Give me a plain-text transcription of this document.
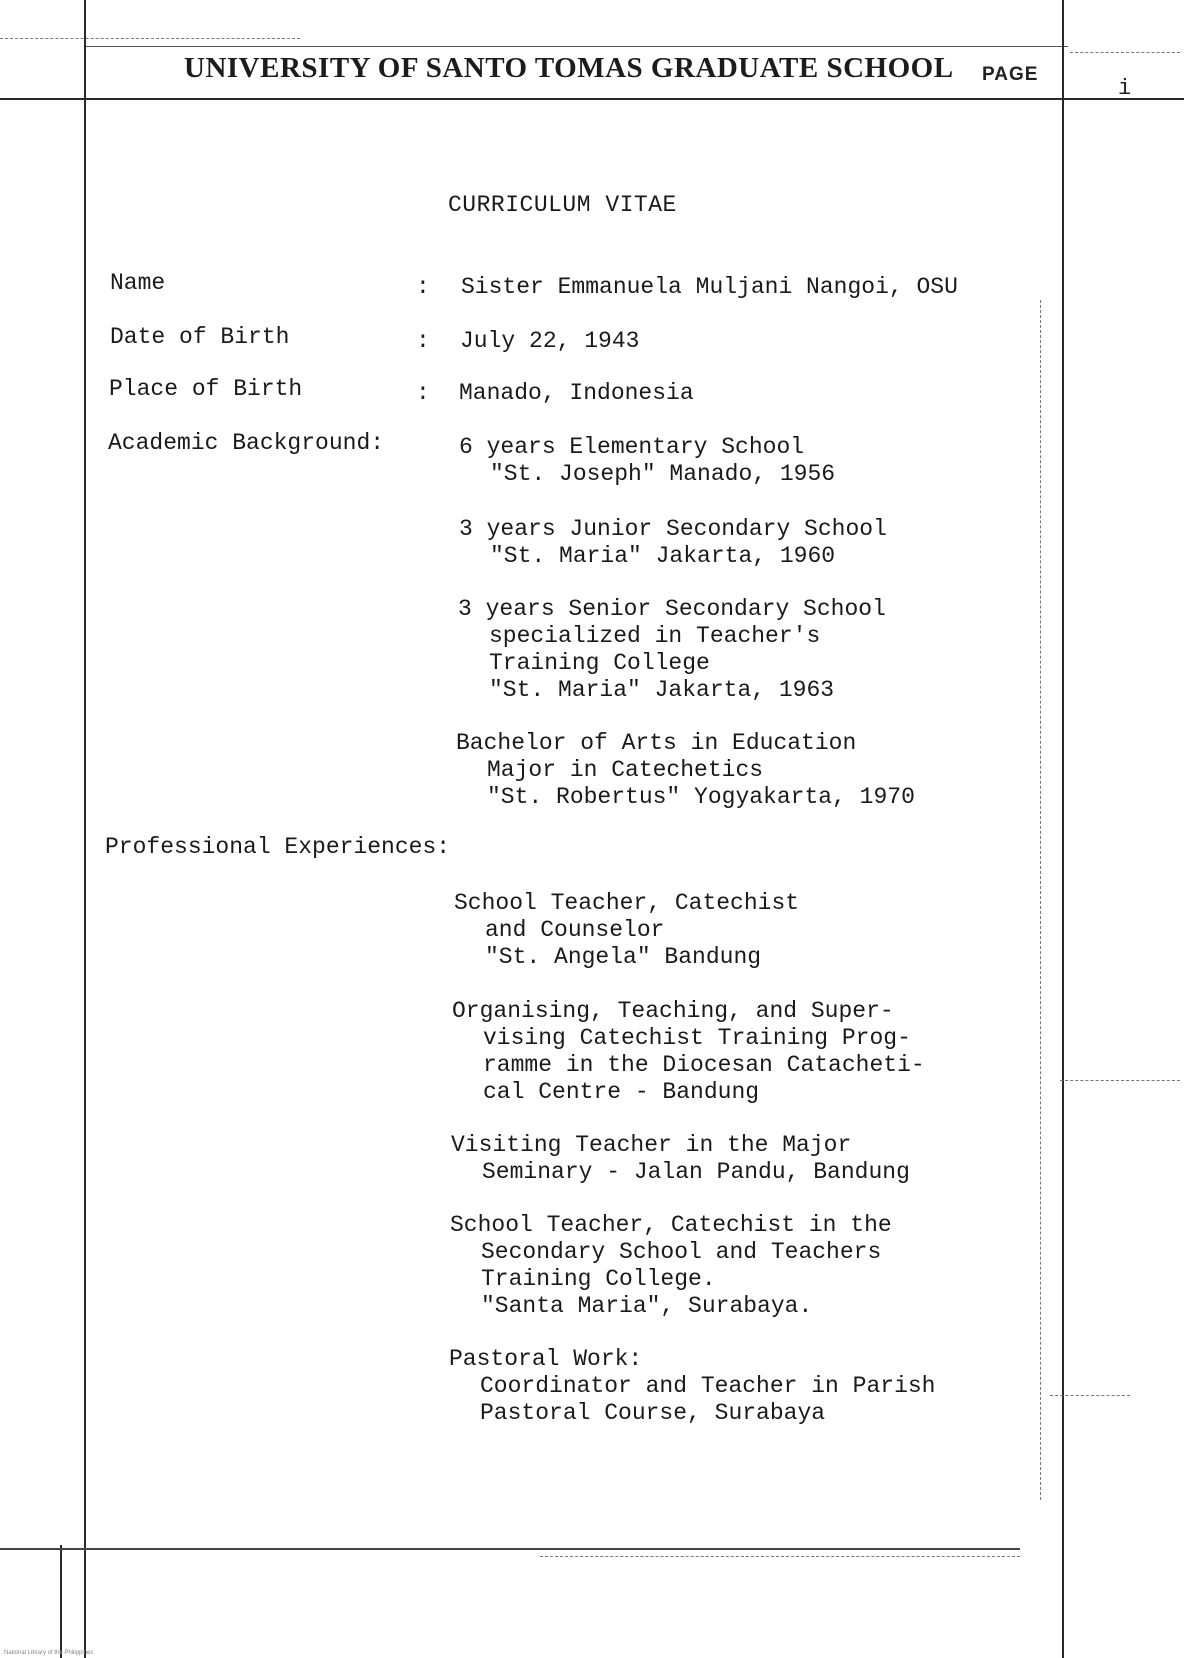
UNIVERSITY OF SANTO TOMAS GRADUATE SCHOOL PAGE
i
CURRICULUM VITAE
Name	: Sister Emmanuela Muljani Nangoi, OSU
Date of Birth	: July 22, 1943
Place of Birth	: Manado, Indonesia
Academic Background:	6 years Elementary School
"St. Joseph" Manado, 1956
3 years Junior Secondary School
"St. Maria" Jakarta, 1960
3 years Senior Secondary School
specialized in Teacher's
Training College
"St. Maria" Jakarta, 1963
Bachelor of Arts in Education
Major in Catechetics
"St. Robertus" Yogyakarta, 1970
Professional Experiences:
School Teacher, Catechist
and Counselor
"St. Angela" Bandung
Organising, Teaching, and Super-
vising Catechist Training Prog-
ramme in the Diocesan Catacheti-
cal Centre - Bandung
Visiting Teacher in the Major
Seminary - Jalan Pandu, Bandung
School Teacher, Catechist in the
Secondary School and Teachers
Training College.
"Santa Maria", Surabaya.
Pastoral Work:
Coordinator and Teacher in Parish
Pastoral Course, Surabaya
National Library of the Philippines
